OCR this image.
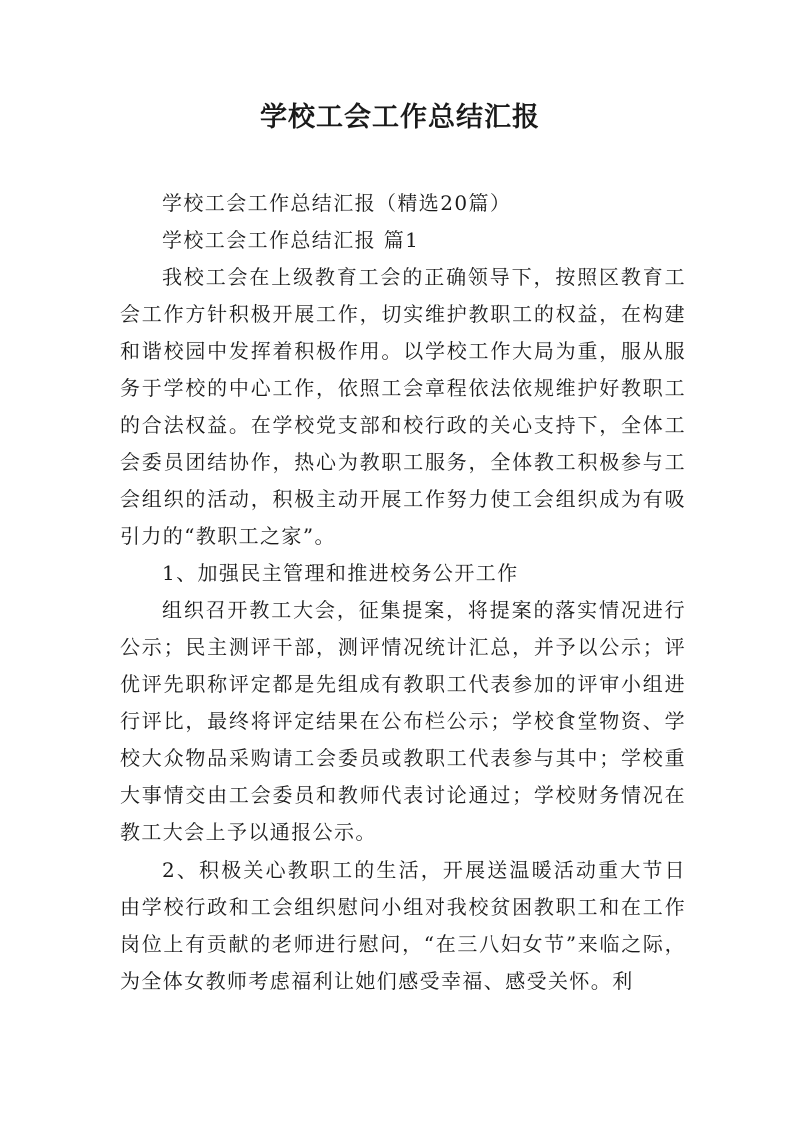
学校工会工作总结汇报

学校工会工作总结汇报（精选20篇）

学校工会工作总结汇报 篇1

我校工会在上级教育工会的正确领导下，按照区教育工会工作方针积极开展工作，切实维护教职工的权益，在构建和谐校园中发挥着积极作用。以学校工作大局为重，服从服务于学校的中心工作，依照工会章程依法依规维护好教职工的合法权益。在学校党支部和校行政的关心支持下，全体工会委员团结协作，热心为教职工服务，全体教工积极参与工会组织的活动，积极主动开展工作努力使工会组织成为有吸引力的“教职工之家”。

1、加强民主管理和推进校务公开工作

组织召开教工大会，征集提案，将提案的落实情况进行公示；民主测评干部，测评情况统计汇总，并予以公示；评优评先职称评定都是先组成有教职工代表参加的评审小组进行评比，最终将评定结果在公布栏公示；学校食堂物资、学校大众物品采购请工会委员或教职工代表参与其中；学校重大事情交由工会委员和教师代表讨论通过；学校财务情况在教工大会上予以通报公示。

2、积极关心教职工的生活，开展送温暖活动重大节日由学校行政和工会组织慰问小组对我校贫困教职工和在工作岗位上有贡献的老师进行慰问，“在三八妇女节”来临之际，为全体女教师考虑福利让她们感受幸福、感受关怀。利
